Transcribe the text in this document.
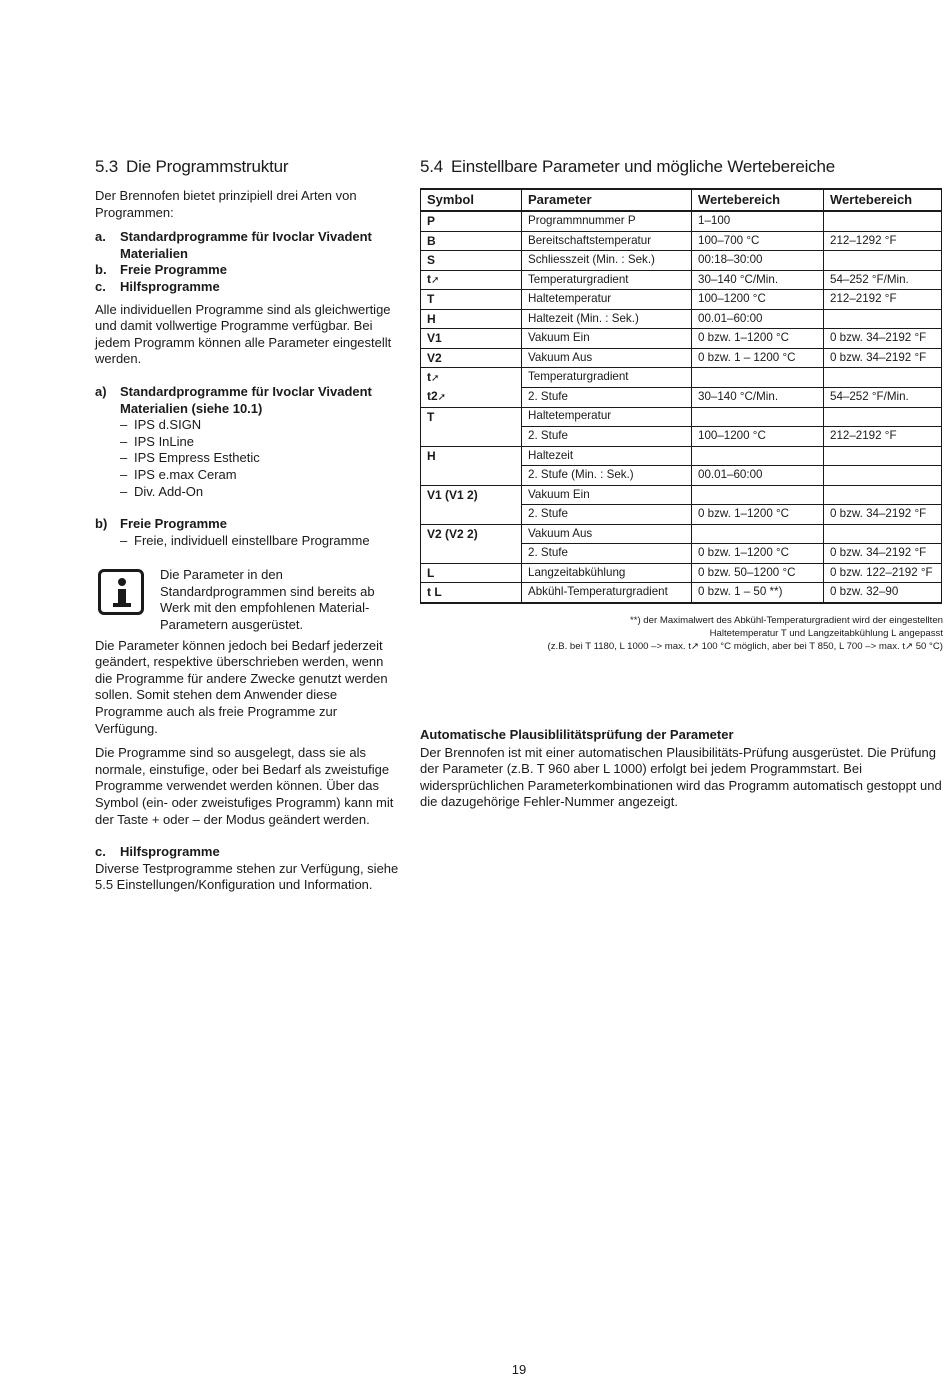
5.3 Die Programmstruktur

Der Brennofen bietet prinzipiell drei Arten von Programmen:

a.	Standardprogramme für Ivoclar Vivadent Materialien
b.	Freie Programme
c.	Hilfsprogramme

Alle individuellen Programme sind als gleichwertige und damit vollwertige Programme verfügbar. Bei jedem Programm können alle Parameter eingestellt werden.

a)	Standardprogramme für Ivoclar Vivadent Materialien (siehe 10.1)
– IPS d.SIGN
– IPS InLine
– IPS Empress Esthetic
– IPS e.max Ceram
– Div. Add-On
b) Freie Programme
– Freie, individuell einstellbare Programme
Die Parameter in den Standardprogrammen sind bereits ab Werk mit den empfohlenen Material-Parametern ausgerüstet.

Die Parameter können jedoch bei Bedarf jederzeit geändert, respektive überschrieben werden, wenn die Programme für andere Zwecke genutzt werden sollen. Somit stehen dem Anwender diese Programme auch als freie Programme zur Verfügung.

Die Programme sind so ausgelegt, dass sie als normale, einstufige, oder bei Bedarf als zweistufige Programme verwendet werden können. Über das Symbol (ein- oder zweistufiges Programm) kann mit der Taste + oder – der Modus geändert werden.

c.	Hilfsprogramme
Diverse Testprogramme stehen zur Verfügung, siehe 5.5 Einstellungen/Konfiguration und Information.
5.4 Einstellbare Parameter und mögliche Wertebereiche
Symbol	Parameter	Wertebereich	Wertebereich
P	Programmnummer P	1–100	
B	Bereitschaftstemperatur	100–700 °C	212–1292 °F
S	Schliesszeit (Min. : Sek.)	00:18–30:00	
t➚	Temperaturgradient	30–140 °C/Min.	54–252 °F/Min.
T	Haltetemperatur	100–1200 °C	212–2192 °F
H	Haltezeit (Min. : Sek.)	00.01–60:00	
V1	Vakuum Ein	0 bzw. 1–1200 °C	0 bzw. 34–2192 °F
V2	Vakuum Aus	0 bzw. 1 – 1200 °C	0 bzw. 34–2192 °F
t➚	Temperaturgradient		
t2➚	2. Stufe	30–140 °C/Min.	54–252 °F/Min.
T	Haltetemperatur		
	2. Stufe	100–1200 °C	212–2192 °F
H	Haltezeit		
	2. Stufe (Min. : Sek.)	00.01–60:00	
V1 (V1 2)	Vakuum Ein		
	2. Stufe	0 bzw. 1–1200 °C	0 bzw. 34–2192 °F
V2 (V2 2)	Vakuum Aus		
	2. Stufe	0 bzw. 1–1200 °C	0 bzw. 34–2192 °F
L	Langzeitabkühlung	0 bzw. 50–1200 °C	0 bzw. 122–2192 °F
t L	Abkühl-Temperaturgradient	0 bzw. 1 – 50 **)	0 bzw. 32–90
**) der Maximalwert des Abkühl-Temperaturgradient wird der eingestellten
Haltetemperatur T und Langzeitabkühlung L angepasst
(z.B. bei T 1180, L 1000 –> max. t↗ 100 °C möglich, aber bei T 850, L 700 –> max. t↗ 50 °C)
Automatische Plausiblilitätsprüfung der Parameter
Der Brennofen ist mit einer automatischen Plausibilitäts-Prüfung ausgerüstet. Die Prüfung der Parameter (z.B. T 960 aber L 1000) erfolgt bei jedem Programmstart. Bei widersprüchlichen Parameterkombinationen wird das Programm automatisch gestoppt und die dazugehörige Fehler-Nummer angezeigt.
19
